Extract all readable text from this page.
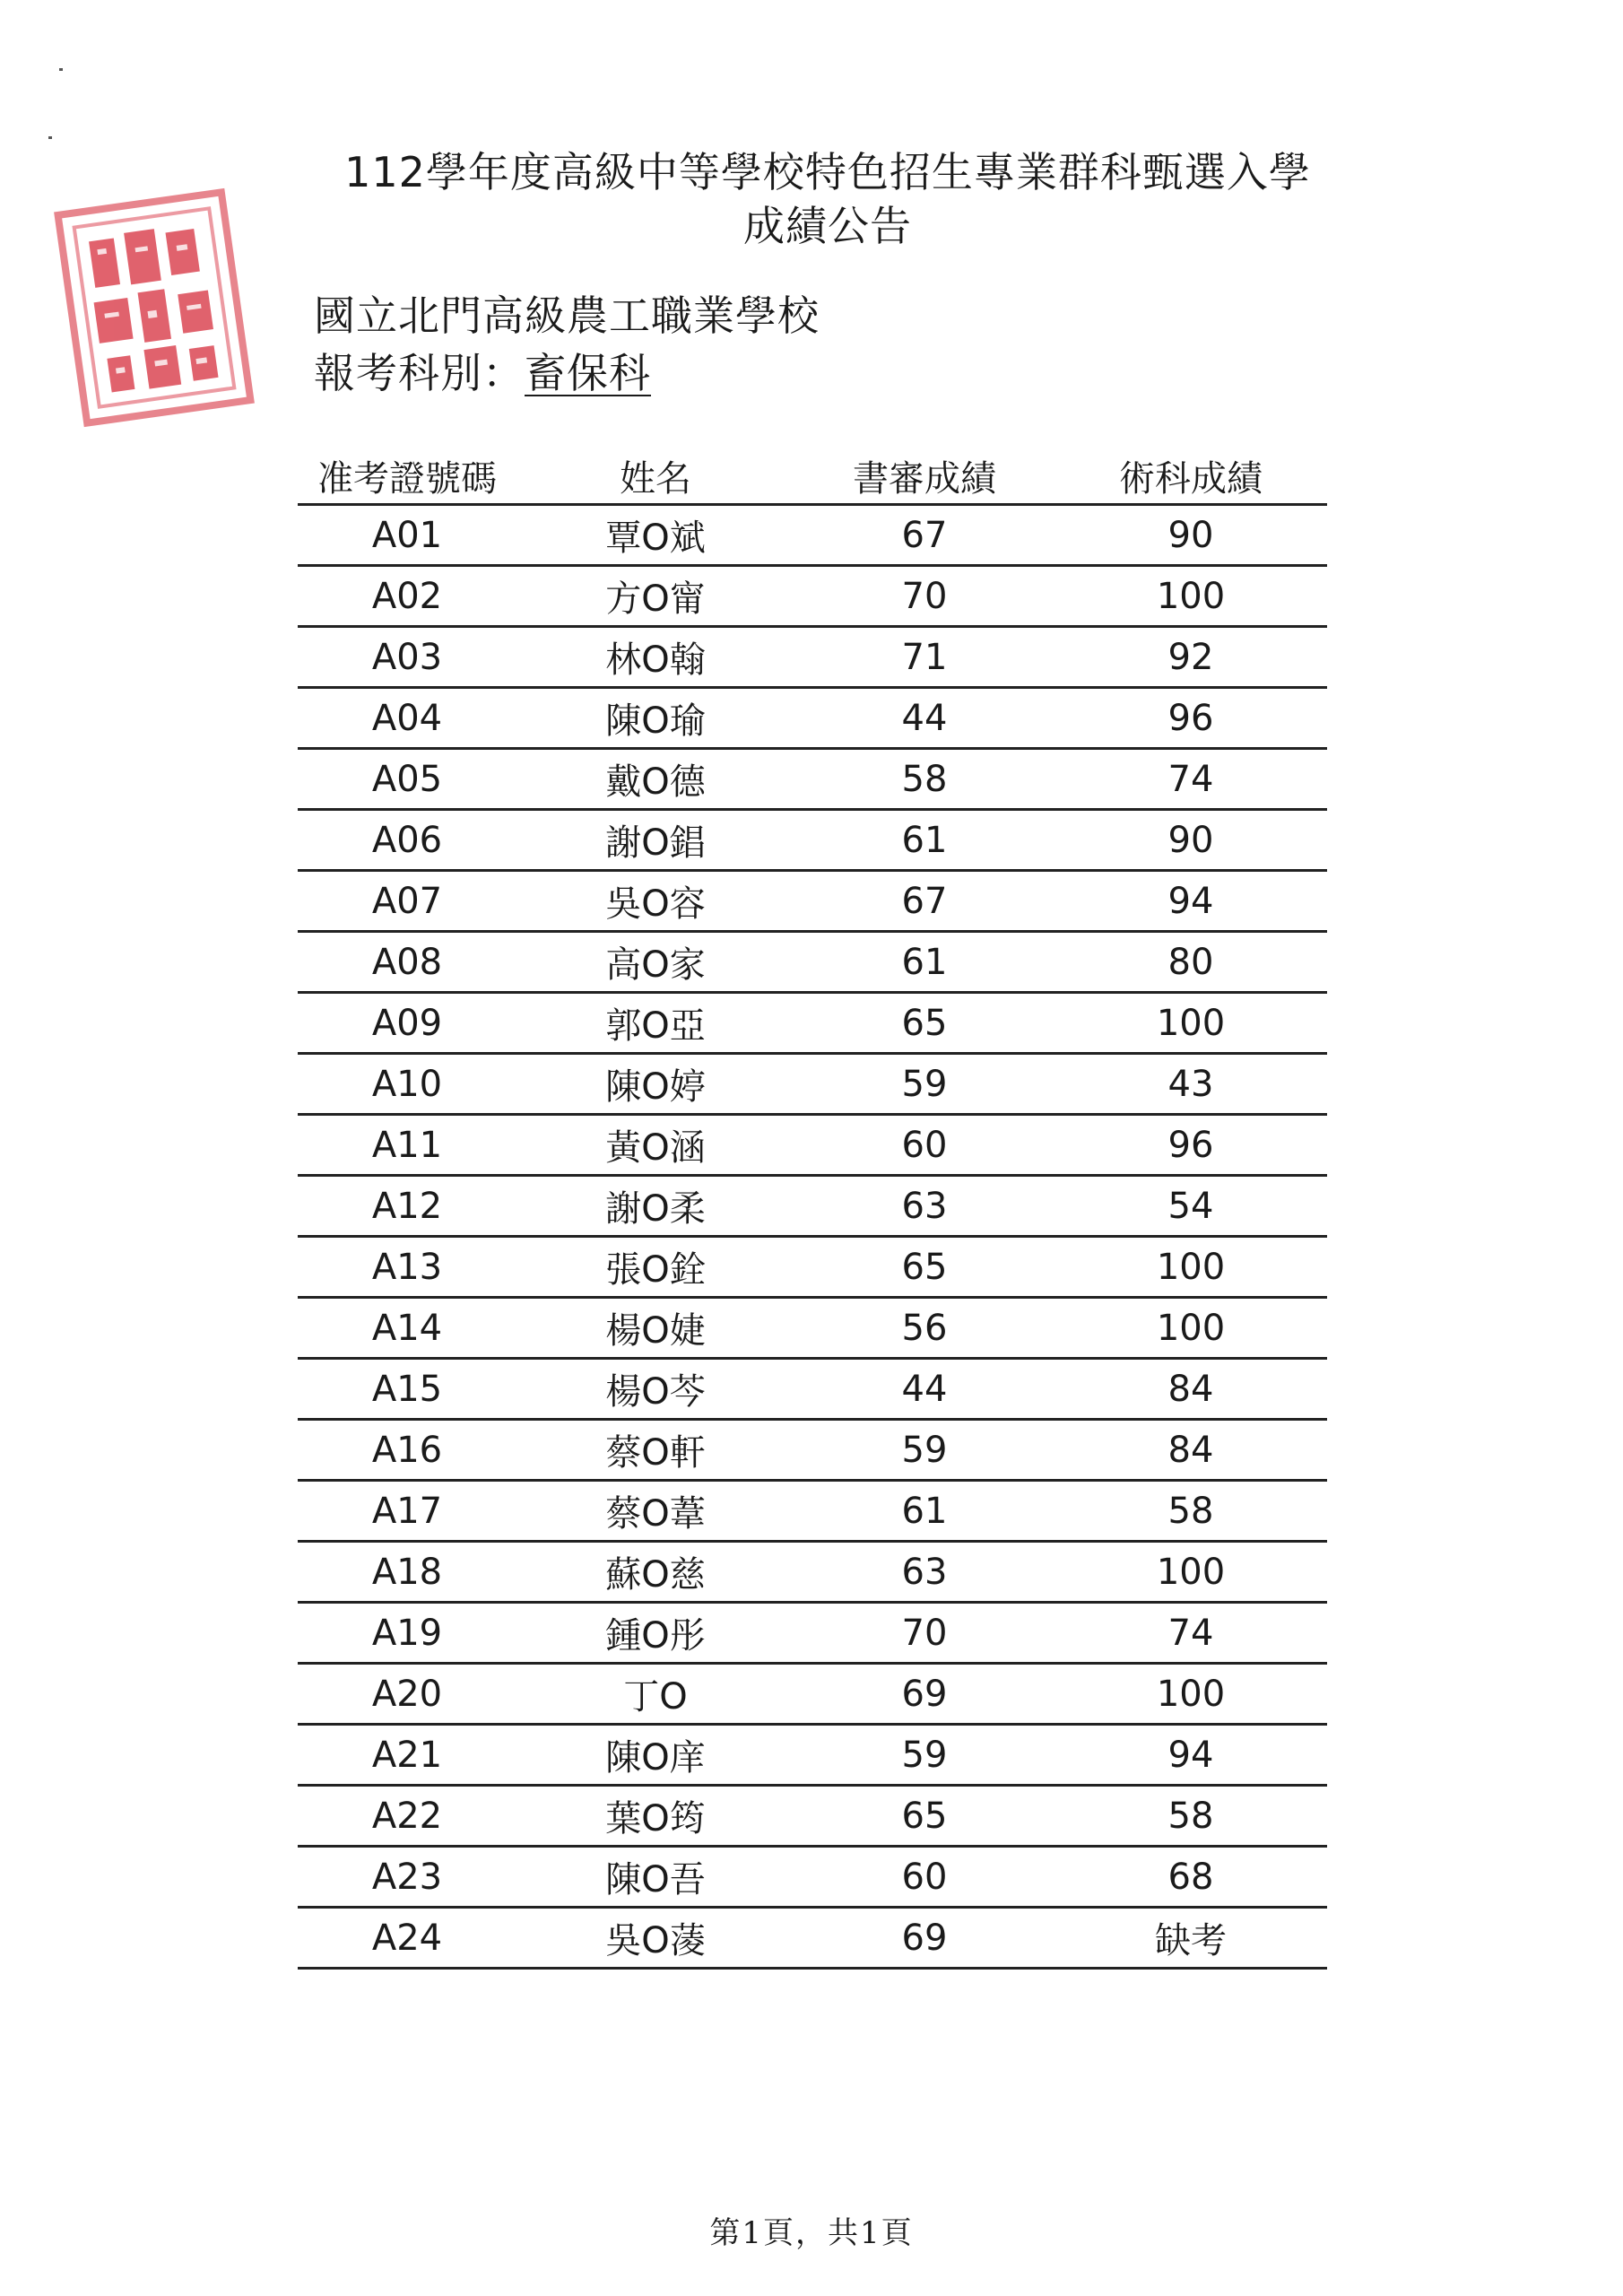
112學年度高級中等學校特色招生專業群科甄選入學
成績公告
國立北門高級農工職業學校
報考科別：畜保科
准考證號碼	姓名	書審成績	術科成績
A01	覃O斌	67	90
A02	方O甯	70	100
A03	林O翰	71	92
A04	陳O瑜	44	96
A05	戴O德	58	74
A06	謝O錩	61	90
A07	吳O容	67	94
A08	高O家	61	80
A09	郭O亞	65	100
A10	陳O婷	59	43
A11	黃O涵	60	96
A12	謝O柔	63	54
A13	張O銓	65	100
A14	楊O婕	56	100
A15	楊O芩	44	84
A16	蔡O軒	59	84
A17	蔡O葦	61	58
A18	蘇O慈	63	100
A19	鍾O彤	70	74
A20	丁O	69	100
A21	陳O庠	59	94
A22	葉O筠	65	58
A23	陳O吾	60	68
A24	吳O蓤	69	缺考
第1頁，共1頁
